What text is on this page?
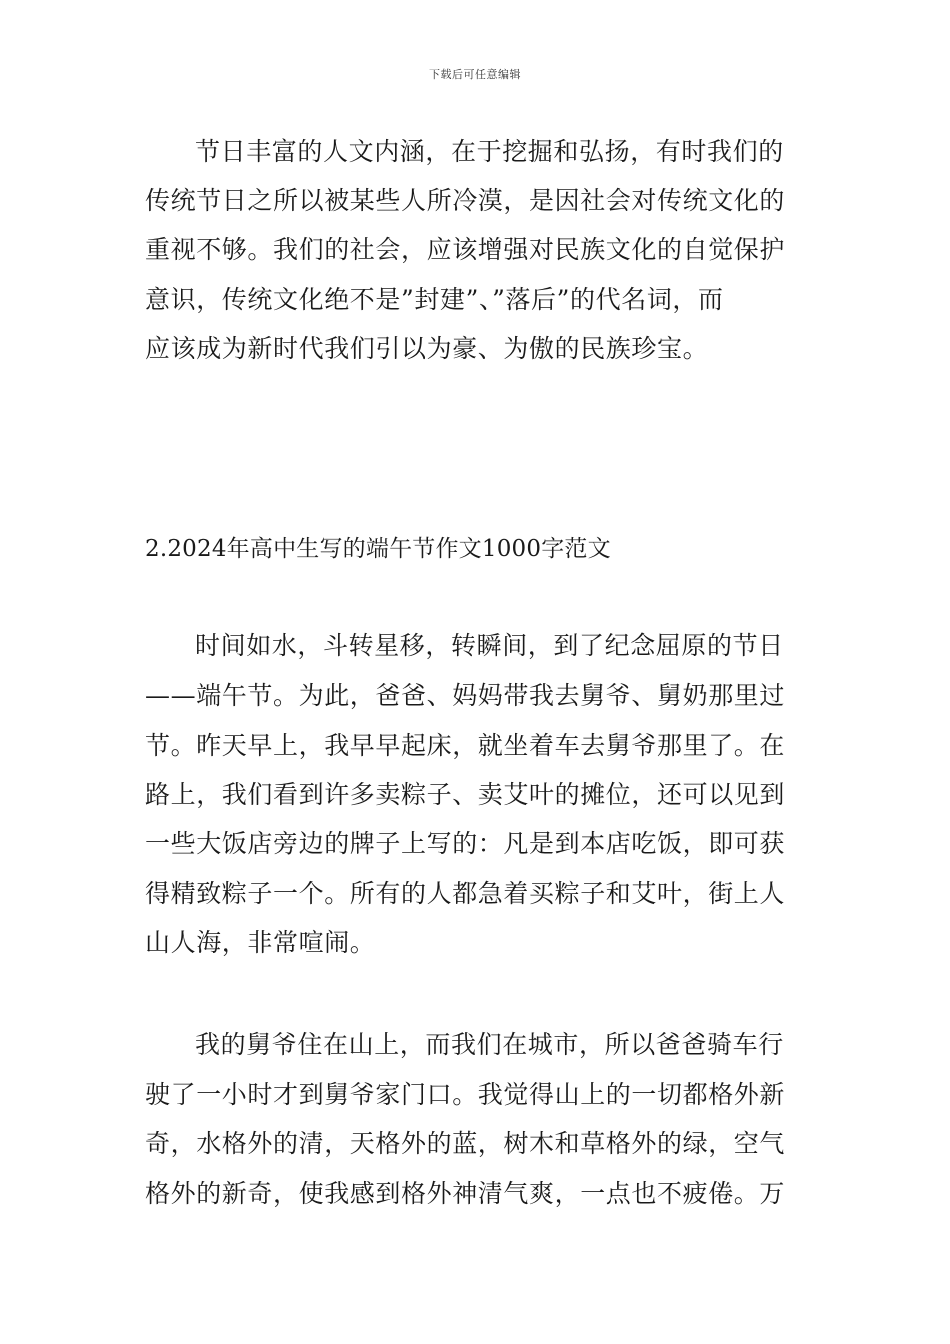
下载后可任意编辑
节日丰富的人文内涵，在于挖掘和弘扬，有时我们的
传统节日之所以被某些人所冷漠，是因社会对传统文化的
重视不够。我们的社会，应该增强对民族文化的自觉保护
意识，传统文化绝不是”封建”、”落后”的代名词，而
应该成为新时代我们引以为豪、为傲的民族珍宝。
2.2024年高中生写的端午节作文1000字范文
时间如水，斗转星移，转瞬间，到了纪念屈原的节日
——端午节。为此，爸爸、妈妈带我去舅爷、舅奶那里过
节。昨天早上，我早早起床，就坐着车去舅爷那里了。在
路上，我们看到许多卖粽子、卖艾叶的摊位，还可以见到
一些大饭店旁边的牌子上写的：凡是到本店吃饭，即可获
得精致粽子一个。所有的人都急着买粽子和艾叶，街上人
山人海，非常喧闹。
我的舅爷住在山上，而我们在城市，所以爸爸骑车行
驶了一小时才到舅爷家门口。我觉得山上的一切都格外新
奇，水格外的清，天格外的蓝，树木和草格外的绿，空气
格外的新奇，使我感到格外神清气爽，一点也不疲倦。万
